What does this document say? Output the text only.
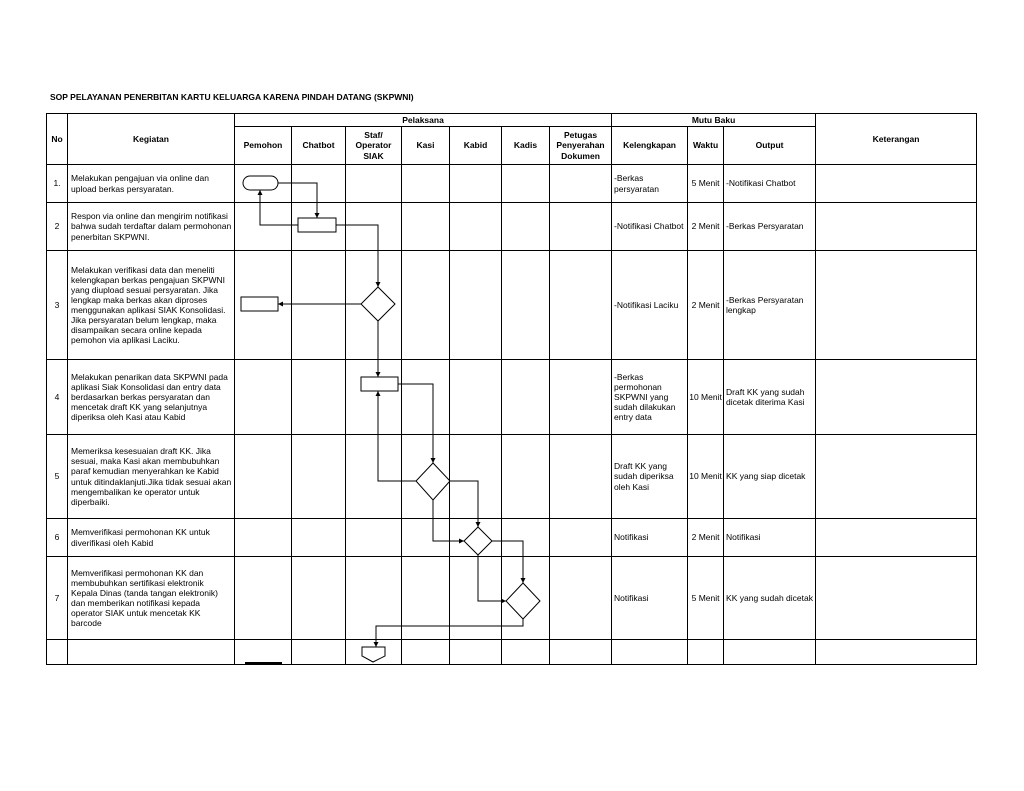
SOP PELAYANAN PENERBITAN KARTU KELUARGA KARENA PINDAH DATANG (SKPWNI)
No	Kegiatan	Pelaksana							Mutu Baku			Keterangan
		Pemohon	Chatbot	Staf/ Operator SIAK	Kasi	Kabid	Kadis	Petugas Penyerahan Dokumen	Kelengkapan	Waktu	Output	
1.	Melakukan pengajuan via online dan upload berkas persyaratan.								-Berkas persyaratan	5 Menit	-Notifikasi Chatbot	
2	Respon via online dan mengirim notifikasi bahwa sudah terdaftar dalam permohonan penerbitan SKPWNI.								-Notifikasi Chatbot	2 Menit	-Berkas Persyaratan	
3	Melakukan verifikasi data dan meneliti kelengkapan berkas pengajuan SKPWNI yang diupload sesuai persyaratan. Jika lengkap maka berkas akan diproses menggunakan aplikasi SIAK Konsolidasi. Jika persyaratan belum lengkap, maka disampaikan secara online kepada pemohon via aplikasi Laciku.								-Notifikasi Laciku	2 Menit	-Berkas Persyaratan lengkap	
4	Melakukan penarikan data SKPWNI pada aplikasi Siak Konsolidasi dan entry data berdasarkan berkas persyaratan dan mencetak draft KK yang selanjutnya diperiksa oleh Kasi atau Kabid								-Berkas permohonan SKPWNI yang sudah dilakukan entry data	10 Menit	Draft KK yang sudah dicetak diterima Kasi	
5	Memeriksa kesesuaian draft KK. Jika sesuai, maka Kasi akan membubuhkan paraf kemudian menyerahkan ke Kabid untuk ditindaklanjuti.Jika tidak sesuai akan mengembalikan ke operator untuk diperbaiki.								Draft KK yang sudah diperiksa oleh Kasi	10 Menit	KK yang siap dicetak	
6	Memverifikasi permohonan KK untuk diverifikasi oleh Kabid								Notifikasi	2 Menit	Notifikasi	
7	Memverifikasi permohonan KK dan membubuhkan sertifikasi elektronik Kepala Dinas (tanda tangan elektronik) dan memberikan notifikasi kepada operator SIAK untuk mencetak KK barcode								Notifikasi	5 Menit	KK yang sudah dicetak	
